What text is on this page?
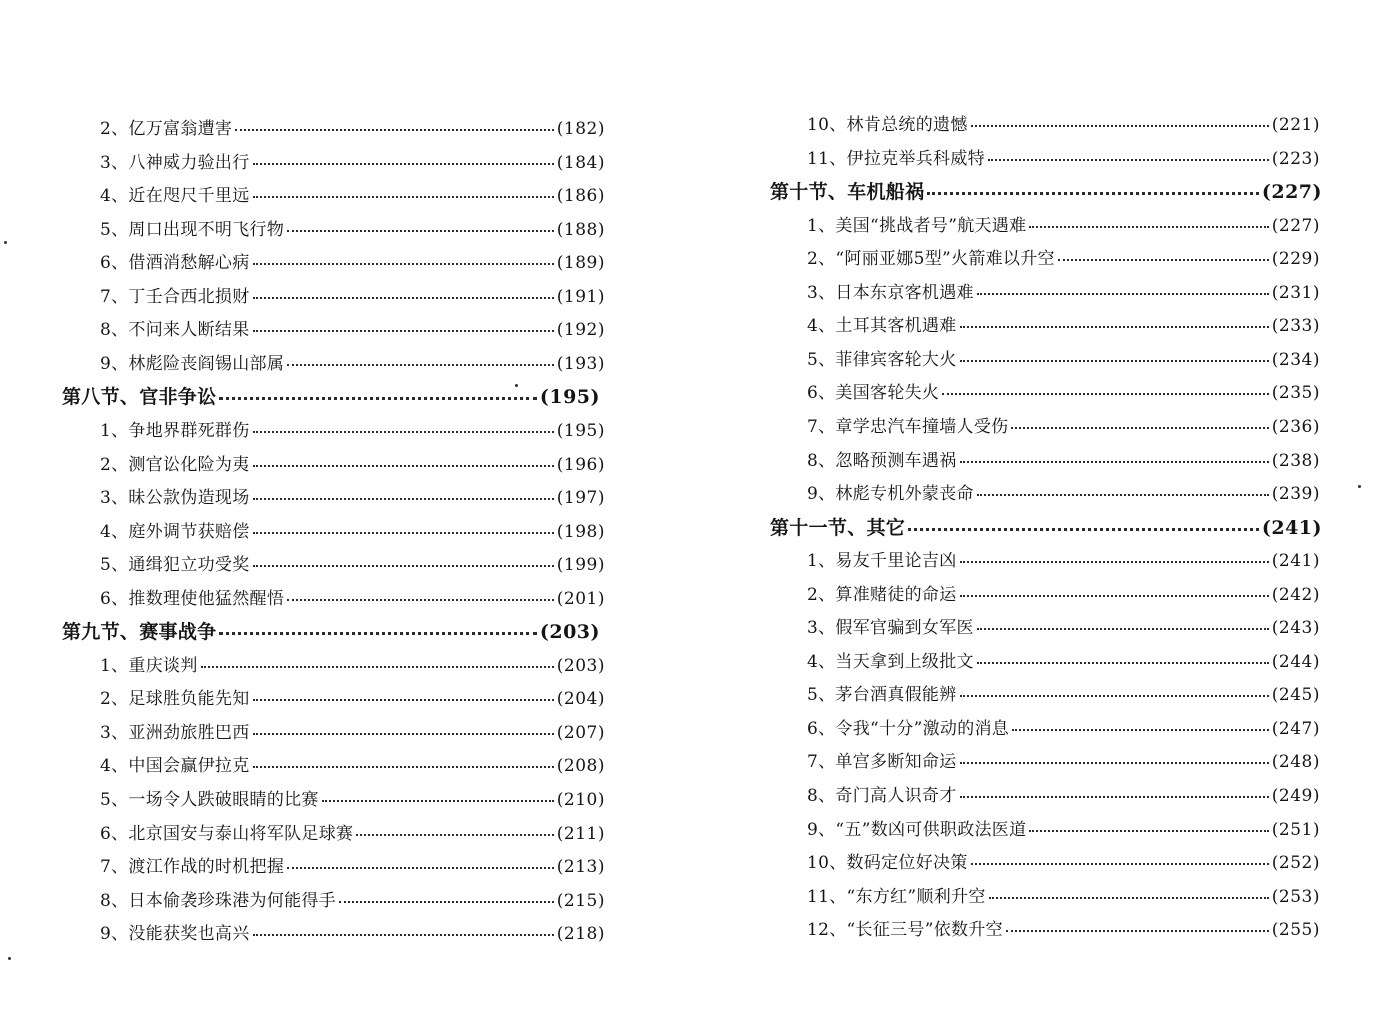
2、亿万富翁遭害	(182)
3、八神威力验出行	(184)
4、近在咫尺千里远	(186)
5、周口出现不明飞行物	(188)
6、借酒消愁解心病	(189)
7、丁壬合西北损财	(191)
8、不问来人断结果	(192)
9、林彪险丧阎锡山部属	(193)
第八节、官非争讼	(195)
1、争地界群死群伤	(195)
2、测官讼化险为夷	(196)
3、昧公款伪造现场	(197)
4、庭外调节获赔偿	(198)
5、通缉犯立功受奖	(199)
6、推数理使他猛然醒悟	(201)
第九节、赛事战争	(203)
1、重庆谈判	(203)
2、足球胜负能先知	(204)
3、亚洲劲旅胜巴西	(207)
4、中国会赢伊拉克	(208)
5、一场令人跌破眼睛的比赛	(210)
6、北京国安与泰山将军队足球赛	(211)
7、渡江作战的时机把握	(213)
8、日本偷袭珍珠港为何能得手	(215)
9、没能获奖也高兴	(218)
10、林肯总统的遗憾	(221)
11、伊拉克举兵科威特	(223)
第十节、车机船祸	(227)
1、美国“挑战者号”航天遇难	(227)
2、“阿丽亚娜5型”火箭难以升空	(229)
3、日本东京客机遇难	(231)
4、土耳其客机遇难	(233)
5、菲律宾客轮大火	(234)
6、美国客轮失火	(235)
7、章学忠汽车撞墙人受伤	(236)
8、忽略预测车遇祸	(238)
9、林彪专机外蒙丧命	(239)
第十一节、其它	(241)
1、易友千里论吉凶	(241)
2、算准赌徒的命运	(242)
3、假军官骗到女军医	(243)
4、当天拿到上级批文	(244)
5、茅台酒真假能辨	(245)
6、令我“十分”激动的消息	(247)
7、单宫多断知命运	(248)
8、奇门高人识奇才	(249)
9、“五”数凶可供职政法医道	(251)
10、数码定位好决策	(252)
11、“东方红”顺利升空	(253)
12、“长征三号”依数升空	(255)
